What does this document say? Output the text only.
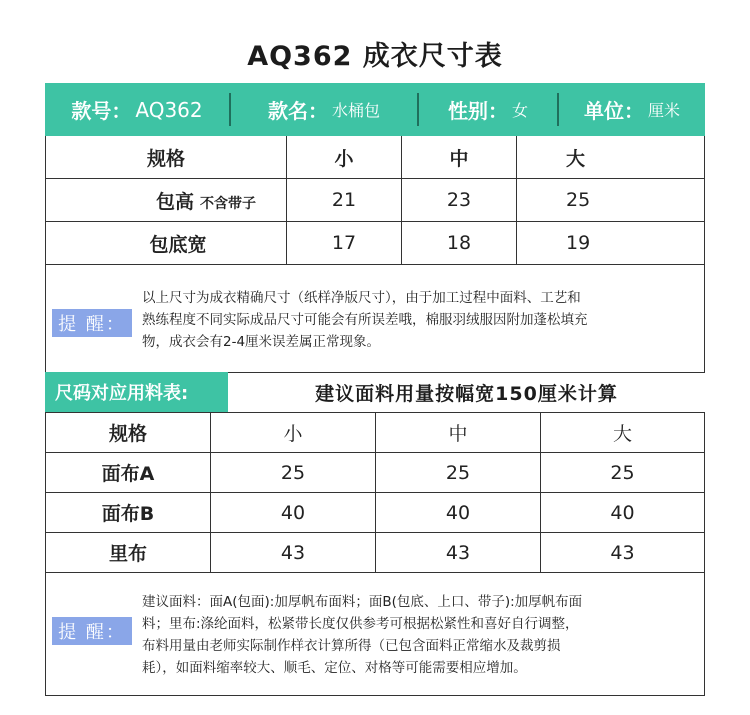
AQ362 成衣尺寸表
款号： AQ362	款名： 水桶包	性别： 女	单位： 厘米
规格	小	中	大
包高 不含带子	21	23	25
包底宽	17	18	19
提 醒：
以上尺寸为成衣精确尺寸（纸样净版尺寸），由于加工过程中面料、工艺和
熟练程度不同实际成品尺寸可能会有所误差哦，棉服羽绒服因附加蓬松填充
物，成衣会有2-4厘米误差属正常现象。
尺码对应用料表:	建议面料用量按幅宽150厘米计算
规格	小	中	大
面布A	25	25	25
面布B	40	40	40
里布	43	43	43
提 醒：
建议面料：面A(包面):加厚帆布面料；面B(包底、上口、带子):加厚帆布面
料；里布:涤纶面料，松紧带长度仅供参考可根据松紧性和喜好自行调整，
布料用量由老师实际制作样衣计算所得（已包含面料正常缩水及裁剪损
耗），如面料缩率较大、顺毛、定位、对格等可能需要相应增加。
